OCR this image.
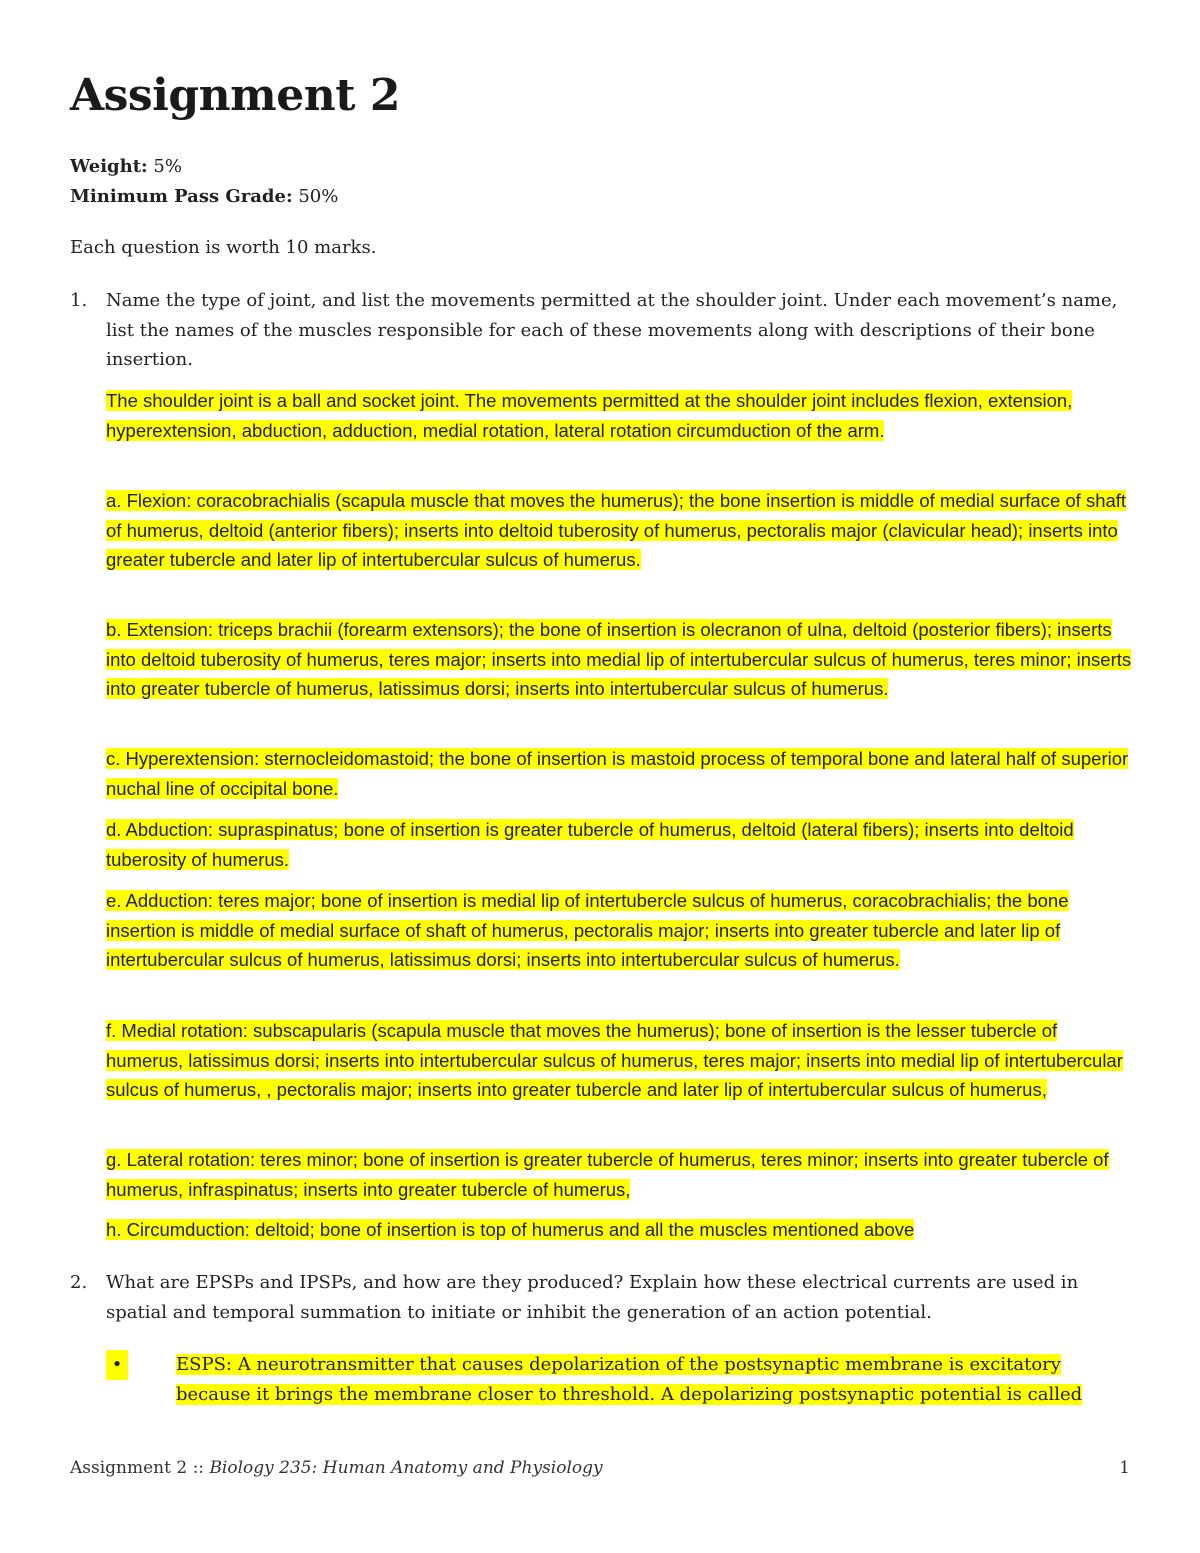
Assignment 2
Weight: 5%
Minimum Pass Grade: 50%

Each question is worth 10 marks.

1. Name the type of joint, and list the movements permitted at the shoulder joint. Under each movement’s name, list the names of the muscles responsible for each of these movements along with descriptions of their bone insertion.
The shoulder joint is a ball and socket joint. The movements permitted at the shoulder joint includes flexion, extension, hyperextension, abduction, adduction, medial rotation, lateral rotation circumduction of the arm.
a. Flexion: coracobrachialis (scapula muscle that moves the humerus); the bone insertion is middle of medial surface of shaft of humerus, deltoid (anterior fibers); inserts into deltoid tuberosity of humerus, pectoralis major (clavicular head); inserts into greater tubercle and later lip of intertubercular sulcus of humerus.
b. Extension: triceps brachii (forearm extensors); the bone of insertion is olecranon of ulna, deltoid (posterior fibers); inserts into deltoid tuberosity of humerus, teres major; inserts into medial lip of intertubercular sulcus of humerus, teres minor; inserts into greater tubercle of humerus, latissimus dorsi; inserts into intertubercular sulcus of humerus.
c. Hyperextension: sternocleidomastoid; the bone of insertion is mastoid process of temporal bone and lateral half of superior nuchal line of occipital bone.
d. Abduction: supraspinatus; bone of insertion is greater tubercle of humerus, deltoid (lateral fibers); inserts into deltoid tuberosity of humerus.
e. Adduction: teres major; bone of insertion is medial lip of intertubercle sulcus of humerus, coracobrachialis; the bone insertion is middle of medial surface of shaft of humerus, pectoralis major; inserts into greater tubercle and later lip of intertubercular sulcus of humerus, latissimus dorsi; inserts into intertubercular sulcus of humerus.
f. Medial rotation: subscapularis (scapula muscle that moves the humerus); bone of insertion is the lesser tubercle of humerus, latissimus dorsi; inserts into intertubercular sulcus of humerus, teres major; inserts into medial lip of intertubercular sulcus of humerus, , pectoralis major; inserts into greater tubercle and later lip of intertubercular sulcus of humerus,
g. Lateral rotation: teres minor; bone of insertion is greater tubercle of humerus, teres minor; inserts into greater tubercle of humerus, infraspinatus; inserts into greater tubercle of humerus,
h. Circumduction: deltoid; bone of insertion is top of humerus and all the muscles mentioned above
2. What are EPSPs and IPSPs, and how are they produced? Explain how these electrical currents are used in spatial and temporal summation to initiate or inhibit the generation of an action potential.
•	ESPS: A neurotransmitter that causes depolarization of the postsynaptic membrane is excitatory because it brings the membrane closer to threshold. A depolarizing postsynaptic potential is called
Assignment 2 :: Biology 235: Human Anatomy and Physiology	1
